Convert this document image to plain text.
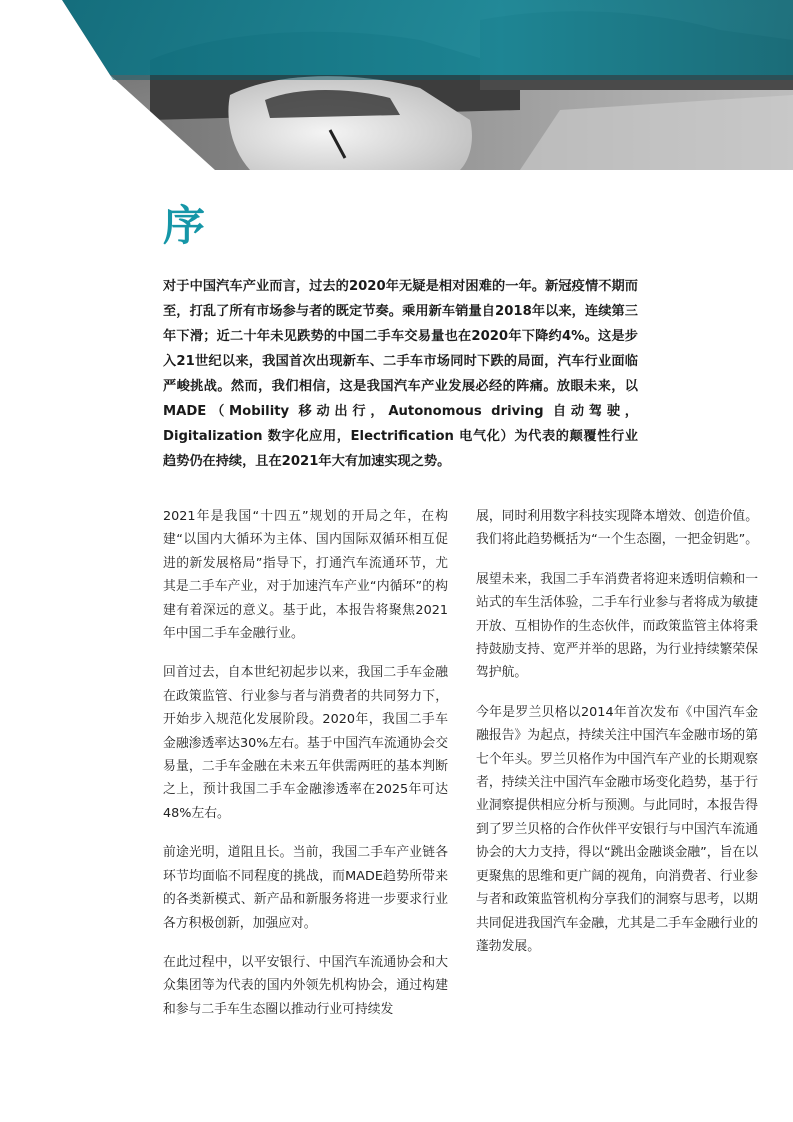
序

对于中国汽车产业而言，过去的2020年无疑是相对困难的一年。新冠疫情不期而至，打乱了所有市场参与者的既定节奏。乘用新车销量自2018年以来，连续第三年下滑；近二十年未见跌势的中国二手车交易量也在2020年下降约4%。这是步入21世纪以来，我国首次出现新车、二手车市场同时下跌的局面，汽车行业面临严峻挑战。然而，我们相信，这是我国汽车产业发展必经的阵痛。放眼未来，以MADE（Mobility 移动出行，Autonomous driving 自动驾驶，Digitalization 数字化应用，Electrification 电气化）为代表的颠覆性行业趋势仍在持续，且在2021年大有加速实现之势。

2021年是我国“十四五”规划的开局之年，在构建“以国内大循环为主体、国内国际双循环相互促进的新发展格局”指导下，打通汽车流通环节，尤其是二手车产业，对于加速汽车产业“内循环”的构建有着深远的意义。基于此，本报告将聚焦2021年中国二手车金融行业。

回首过去，自本世纪初起步以来，我国二手车金融在政策监管、行业参与者与消费者的共同努力下，开始步入规范化发展阶段。2020年，我国二手车金融渗透率达30%左右。基于中国汽车流通协会交易量，二手车金融在未来五年供需两旺的基本判断之上，预计我国二手车金融渗透率在2025年可达48%左右。

前途光明，道阻且长。当前，我国二手车产业链各环节均面临不同程度的挑战，而MADE趋势所带来的各类新模式、新产品和新服务将进一步要求行业各方积极创新，加强应对。

在此过程中，以平安银行、中国汽车流通协会和大众集团等为代表的国内外领先机构协会，通过构建和参与二手车生态圈以推动行业可持续发

展，同时利用数字科技实现降本增效、创造价值。我们将此趋势概括为“一个生态圈，一把金钥匙”。

展望未来，我国二手车消费者将迎来透明信赖和一站式的车生活体验，二手车行业参与者将成为敏捷开放、互相协作的生态伙伴，而政策监管主体将秉持鼓励支持、宽严并举的思路，为行业持续繁荣保驾护航。

今年是罗兰贝格以2014年首次发布《中国汽车金融报告》为起点，持续关注中国汽车金融市场的第七个年头。罗兰贝格作为中国汽车产业的长期观察者，持续关注中国汽车金融市场变化趋势，基于行业洞察提供相应分析与预测。与此同时，本报告得到了罗兰贝格的合作伙伴平安银行与中国汽车流通协会的大力支持，得以“跳出金融谈金融”，旨在以更聚焦的思维和更广阔的视角，向消费者、行业参与者和政策监管机构分享我们的洞察与思考，以期共同促进我国汽车金融，尤其是二手车金融行业的蓬勃发展。
